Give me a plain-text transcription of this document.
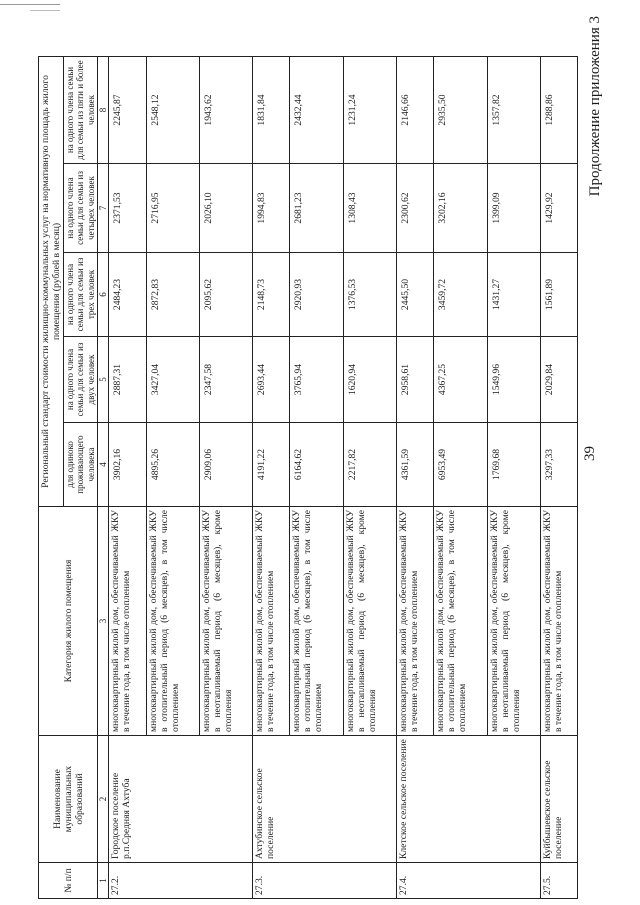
39
Продолжение приложения 3
№ п/п	Наименование муниципальных образований	Категория жилого помещения	Региональный стандарт стоимости жилищно-коммунальных услуг на нормативную площадь жилого помещения (рублей в месяц)				
			для одиноко проживающего человека	на одного члена семьи для семьи из двух человек	на одного члена семьи для семьи из трех человек	на одного члена семьи для семьи из четырех человек	на одного члена семьи для семьи из пяти и более человек
1	2	3	4	5	6	7	8
27.2.	Городское поселение р.п.Средняя Ахтуба	многоквартирный жилой дом, обеспечиваемый ЖКУ в течение года, в том числе отоплением	3902,16	2887,31	2484,23	2371,53	2245,87
		многоквартирный жилой дом, обеспечиваемый ЖКУ в отопительный период (6 месяцев), в том числе отоплением	4895,26	3427,04	2872,83	2716,95	2548,12
		многоквартирный жилой дом, обеспечиваемый ЖКУ в неотапливаемый период (6 месяцев), кроме отопления	2909,06	2347,58	2095,62	2026,10	1943,62
27.3.	Ахтубинское сельское поселение	многоквартирный жилой дом, обеспечиваемый ЖКУ в течение года, в том числе отоплением	4191,22	2693,44	2148,73	1994,83	1831,84
		многоквартирный жилой дом, обеспечиваемый ЖКУ в отопительный период (6 месяцев), в том числе отоплением	6164,62	3765,94	2920,93	2681,23	2432,44
		многоквартирный жилой дом, обеспечиваемый ЖКУ в неотапливаемый период (6 месяцев), кроме отопления	2217,82	1620,94	1376,53	1308,43	1231,24
27.4.	Клетское сельское поселение	многоквартирный жилой дом, обеспечиваемый ЖКУ в течение года, в том числе отоплением	4361,59	2958,61	2445,50	2300,62	2146,66
		многоквартирный жилой дом, обеспечиваемый ЖКУ в отопительный период (6 месяцев), в том числе отоплением	6953,49	4367,25	3459,72	3202,16	2935,50
		многоквартирный жилой дом, обеспечиваемый ЖКУ в неотапливаемый период (6 месяцев), кроме отопления	1769,68	1549,96	1431,27	1399,09	1357,82
27.5.	Куйбышевское сельское поселение	многоквартирный жилой дом, обеспечиваемый ЖКУ в течение года, в том числе отоплением	3297,33	2029,84	1561,89	1429,92	1288,86
